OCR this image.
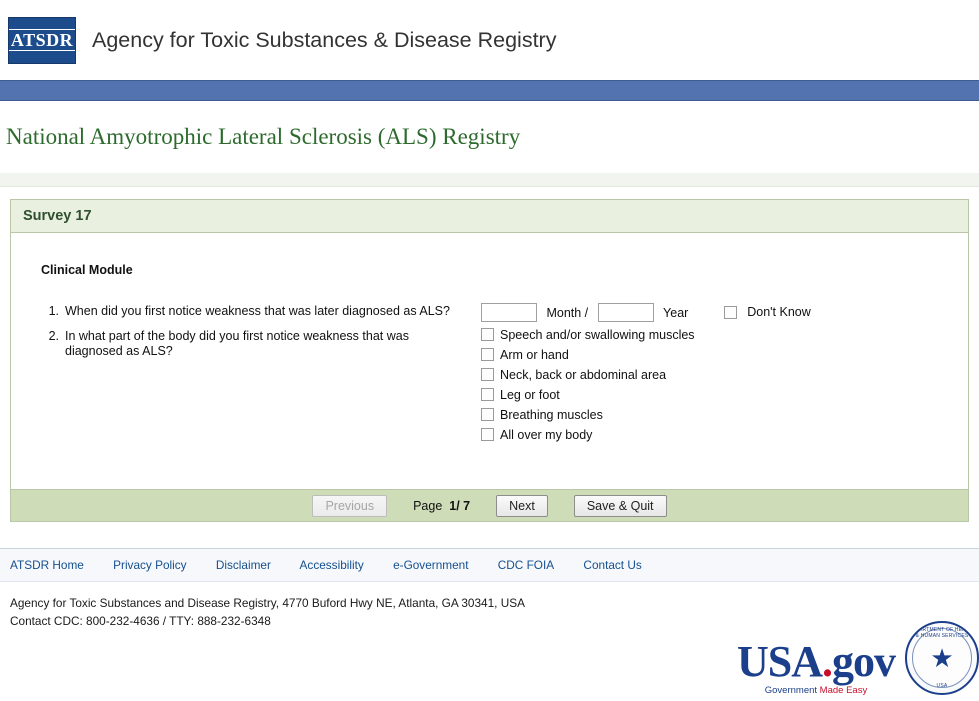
ATSDR Agency for Toxic Substances & Disease Registry
National Amyotrophic Lateral Sclerosis (ALS) Registry
Survey 17
Clinical Module
1. When did you first notice weakness that was later diagnosed as ALS?	Month /	Year	Don't Know
2. In what part of the body did you first notice weakness that was diagnosed as ALS?
Speech and/or swallowing muscles
Arm or hand
Neck, back or abdominal area
Leg or foot
Breathing muscles
All over my body
Previous	Page 1/ 7	Next	Save & Quit
ATSDR Home Privacy Policy Disclaimer Accessibility e-Government CDC FOIA Contact Us
Agency for Toxic Substances and Disease Registry, 4770 Buford Hwy NE, Atlanta, GA 30341, USA
Contact CDC: 800-232-4636 / TTY: 888-232-6348
USA.gov
Government Made Easy
DEPARTMENT OF HEALTH & HUMAN SERVICES
★
USA
